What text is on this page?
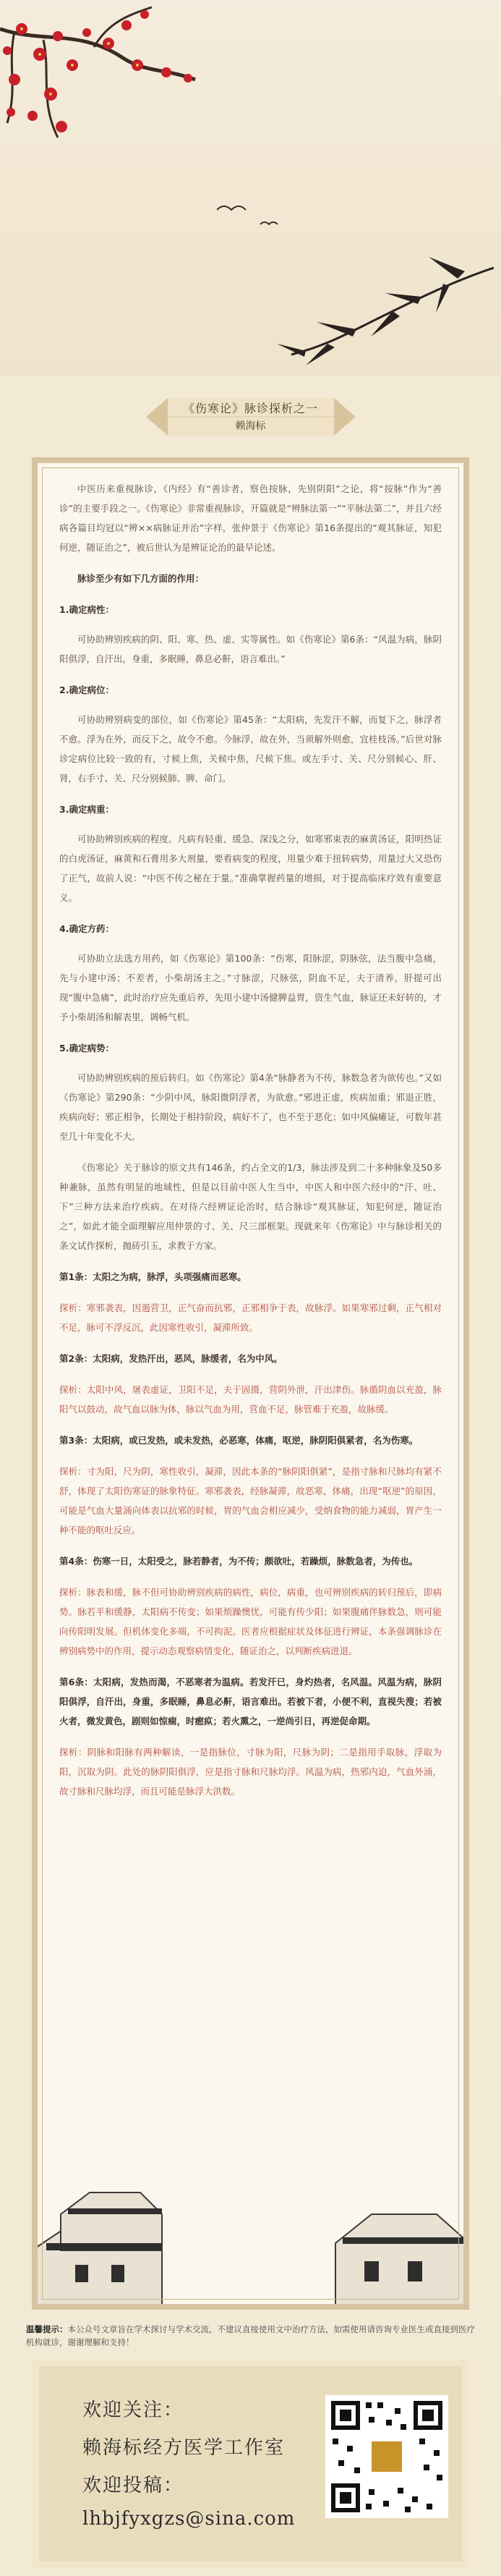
《伤寒论》脉诊探析之一
赖海标

中医历来重视脉诊，《内经》有“善诊者，察色按脉，先别阴阳”之论，将“按脉”作为“善诊”的主要手段之一。《伤寒论》非常重视脉诊，开篇就是“辨脉法第一”“平脉法第二”，并且六经病各篇目均冠以“辨××病脉证并治”字样，张仲景于《伤寒论》第16条提出的“观其脉证，知犯何逆，随证治之”，被后世认为是辨证论治的最早论述。

脉诊至少有如下几方面的作用：

1.确定病性：

可协助辨别疾病的阴、阳、寒、热、虚、实等属性。如《伤寒论》第6条：“风温为病，脉阴阳俱浮，自汗出，身重，多眠睡，鼻息必鼾，语言难出。”

2.确定病位：

可协助辨别病变的部位，如《伤寒论》第45条：“太阳病，先发汗不解，而复下之，脉浮者不愈。浮为在外，而反下之，故令不愈。今脉浮，故在外，当须解外则愈，宜桂枝汤。”后世对脉诊定病位比较一致的有，寸候上焦，关候中焦，尺候下焦。或左手寸、关、尺分别候心、肝、肾，右手寸、关、尺分别候肺、脾、命门。

3.确定病重：

可协助辨别疾病的程度。凡病有轻重、缓急、深浅之分，如寒邪束表的麻黄汤证，阳明热证的白虎汤证，麻黄和石膏用多大剂量，要看病变的程度，用量少难于扭转病势，用量过大又恐伤了正气，故前人说：“中医不传之秘在于量。”准确掌握药量的增损，对于提高临床疗效有重要意义。

4.确定方药：

可协助立法选方用药，如《伤寒论》第100条：“伤寒，阳脉涩，阴脉弦，法当腹中急痛，先与小建中汤；不差者，小柴胡汤主之。”寸脉涩，尺脉弦，阴血不足，夫于清养，肝提可出现“腹中急痛”，此时治疗应先重后养，先用小建中汤健脾益胃，资生气血，脉证还未好转的，才予小柴胡汤和解表里，调畅气机。

5.确定病势：

可协助辨别疾病的预后转归。如《伤寒论》第4条“脉静者为不传，脉数急者为欲传也。”又如《伤寒论》第290条：“少阴中风，脉阳微阴浮者，为欲愈。”邪进正虚，疾病加重；邪退正胜，疾病向好；邪正相争，长期处于相持阶段，病好不了，也不至于恶化；如中风偏瘫证，可数年甚至几十年变化不大。

《伤寒论》关于脉诊的原文共有146条，约占全文的1/3，脉法涉及到二十多种脉象及50多种兼脉，虽然有明显的地域性，但是以目前中医人生当中，中医人和中医六经中的“汗、吐、下”三种方法来治疗疾病。在对待六经辨证论治时，结合脉诊“观其脉证，知犯何逆，随证治之”，如此才能全面理解应用仲景的寸、关、尺三部框架。现就来年《伤寒论》中与脉诊相关的条文试作探析，抛砖引玉，求教于方家。

第1条：太阳之为病，脉浮，头项强痛而恶寒。

探析：寒邪袭表，因遏营卫，正气奋而抗邪，正邪相争于表，故脉浮。如果寒邪过剩，正气相对不足，脉可不浮反沉，此因寒性收引，凝滞所致。

第2条：太阳病，发热汗出，恶风，脉缓者，名为中风。

探析：太阳中风，屠表虚证，卫阳不足，夫于固摄，营阴外泄，汗出津伤。脉循阴血以充盈，脉阳气以鼓动，故气血以脉为体，脉以气血为用，营血不足，脉管难于充盈，故脉缓。

第3条：太阳病，或已发热，或未发热，必恶寒，体痛，呕逆，脉阴阳俱紧者，名为伤寒。

探析：寸为阳，尺为阴，寒性收引，凝滞，因此本条的“脉阴阳俱紧”，是指寸脉和尺脉均有紧不舒，体现了太阳伤寒证的脉象特征。寒邪袭表，经脉凝滞，故恶寒，体痛，出现“呕逆”的原因，可能是气血大量涌向体表以抗邪的时候，胃的气血会相应减少，受纳食物的能力减弱，胃产生一种不能的呕吐反应。

第4条：伤寒一日，太阳受之，脉若静者，为不传；颇欲吐，若躁烦，脉数急者，为传也。

探析：脉表和缓，脉不但可协助辨别疾病的病性，病位，病重，也可辨别疾病的转归预后，即病势。脉若平和缓静，太阳病不传变；如果烦躁懊忧，可能有传少阳；如果腹痛伴脉数急，则可能向传阳明发展。但机体变化多端，不可拘泥。医者应根据症状及体征进行辨证，本条强调脉诊在辨别病势中的作用，提示动态观察病情变化，随证治之，以判断疾病进退。

第6条：太阳病，发热而渴，不恶寒者为温病。若发汗已，身灼热者，名风温。风温为病，脉阴阳俱浮，自汗出，身重，多眠睡，鼻息必鼾，语言难出。若被下者，小便不利，直视失溲；若被火者，微发黄色，剧则如惊痫，时瘛疭；若火熏之，一逆尚引日，再逆促命期。

探析：阴脉和阳脉有两种解读，一是指脉位，寸脉为阳，尺脉为阴；二是指用手取脉，浮取为阳，沉取为阴。此处的脉阴阳俱浮，应是指寸脉和尺脉均浮。风温为病，热邪内迫，气血外涌，故寸脉和尺脉均浮，而且可能是脉浮大洪数。

温馨提示：本公众号文章旨在学术探讨与学术交流，不建议直接使用文中治疗方法，如需使用请咨询专业医生或直接到医疗机构就诊，谢谢理解和支持！
欢迎关注：
赖海标经方医学工作室
欢迎投稿：
lhbjfyxgzs@sina.com
